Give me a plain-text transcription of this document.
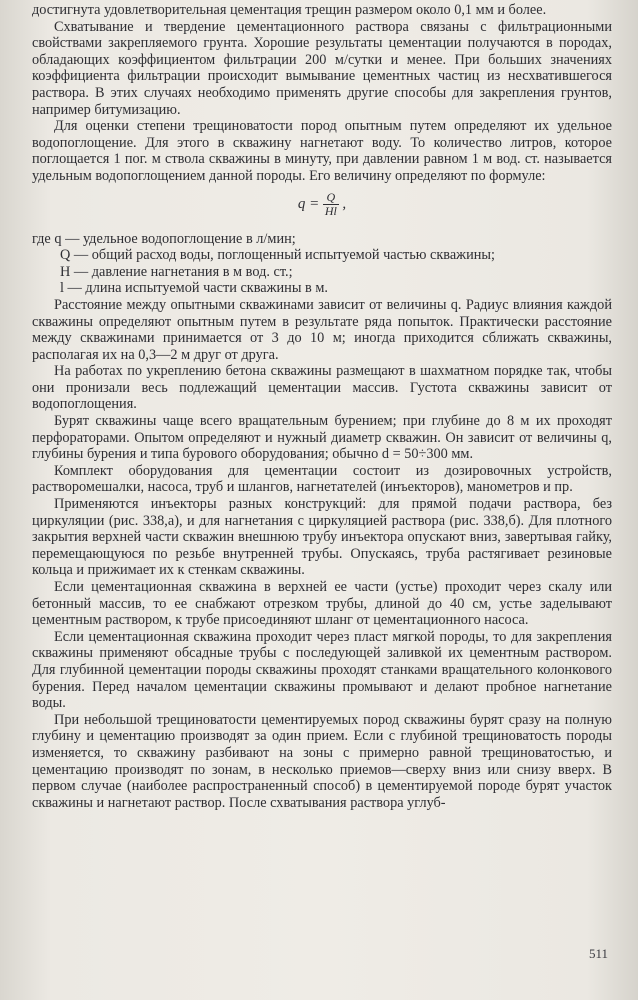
достигнута удовлетворительная цементация трещин размером около 0,1 мм и более.

Схватывание и твердение цементационного раствора связаны с фильтрационными свойствами закрепляемого грунта. Хорошие результаты цементации получаются в породах, обладающих коэффициентом фильтрации 200 м/сутки и менее. При больших значениях коэффициента фильтрации происходит вымывание цементных частиц из несхватившегося раствора. В этих случаях необходимо применять другие способы для закрепления грунтов, например битумизацию.

Для оценки степени трещиноватости пород опытным путем определяют их удельное водопоглощение. Для этого в скважину нагнетают воду. То количество литров, которое поглощается 1 пог. м ствола скважины в минуту, при давлении равном 1 м вод. ст. называется удельным водопоглощением данной породы. Его величину определяют по формуле:

$q = \frac{Q}{Hl}$ ,

где q — удельное водопоглощение в л/мин;

Q — общий расход воды, поглощенный испытуемой частью скважины;

H — давление нагнетания в м вод. ст.;

l — длина испытуемой части скважины в м.

Расстояние между опытными скважинами зависит от величины q. Радиус влияния каждой скважины определяют опытным путем в результате ряда попыток. Практически расстояние между скважинами принимается от 3 до 10 м; иногда приходится сближать скважины, располагая их на 0,3—2 м друг от друга.

На работах по укреплению бетона скважины размещают в шахматном порядке так, чтобы они пронизали весь подлежащий цементации массив. Густота скважины зависит от водопоглощения.

Бурят скважины чаще всего вращательным бурением; при глубине до 8 м их проходят перфораторами. Опытом определяют и нужный диаметр скважин. Он зависит от величины q, глубины бурения и типа бурового оборудования; обычно d = 50÷300 мм.

Комплект оборудования для цементации состоит из дозировочных устройств, растворомешалки, насоса, труб и шлангов, нагнетателей (инъекторов), манометров и пр.

Применяются инъекторы разных конструкций: для прямой подачи раствора, без циркуляции (рис. 338,а), и для нагнетания с циркуляцией раствора (рис. 338,б). Для плотного закрытия верхней части скважин внешнюю трубу инъектора опускают вниз, завертывая гайку, перемещающуюся по резьбе внутренней трубы. Опускаясь, труба растягивает резиновые кольца и прижимает их к стенкам скважины.

Если цементационная скважина в верхней ее части (устье) проходит через скалу или бетонный массив, то ее снабжают отрезком трубы, длиной до 40 см, устье заделывают цементным раствором, к трубе присоединяют шланг от цементационного насоса.

Если цементационная скважина проходит через пласт мягкой породы, то для закрепления скважины применяют обсадные трубы с последующей заливкой их цементным раствором. Для глубинной цементации породы скважины проходят станками вращательного колонкового бурения. Перед началом цементации скважины промывают и делают пробное нагнетание воды.

При небольшой трещиноватости цементируемых пород скважины бурят сразу на полную глубину и цементацию производят за один прием. Если с глубиной трещиноватость породы изменяется, то скважину разбивают на зоны с примерно равной трещиноватостью, и цементацию производят по зонам, в несколько приемов—сверху вниз или снизу вверх. В первом случае (наиболее распространенный способ) в цементируемой породе бурят участок скважины и нагнетают раствор. После схватывания раствора углуб-

511
